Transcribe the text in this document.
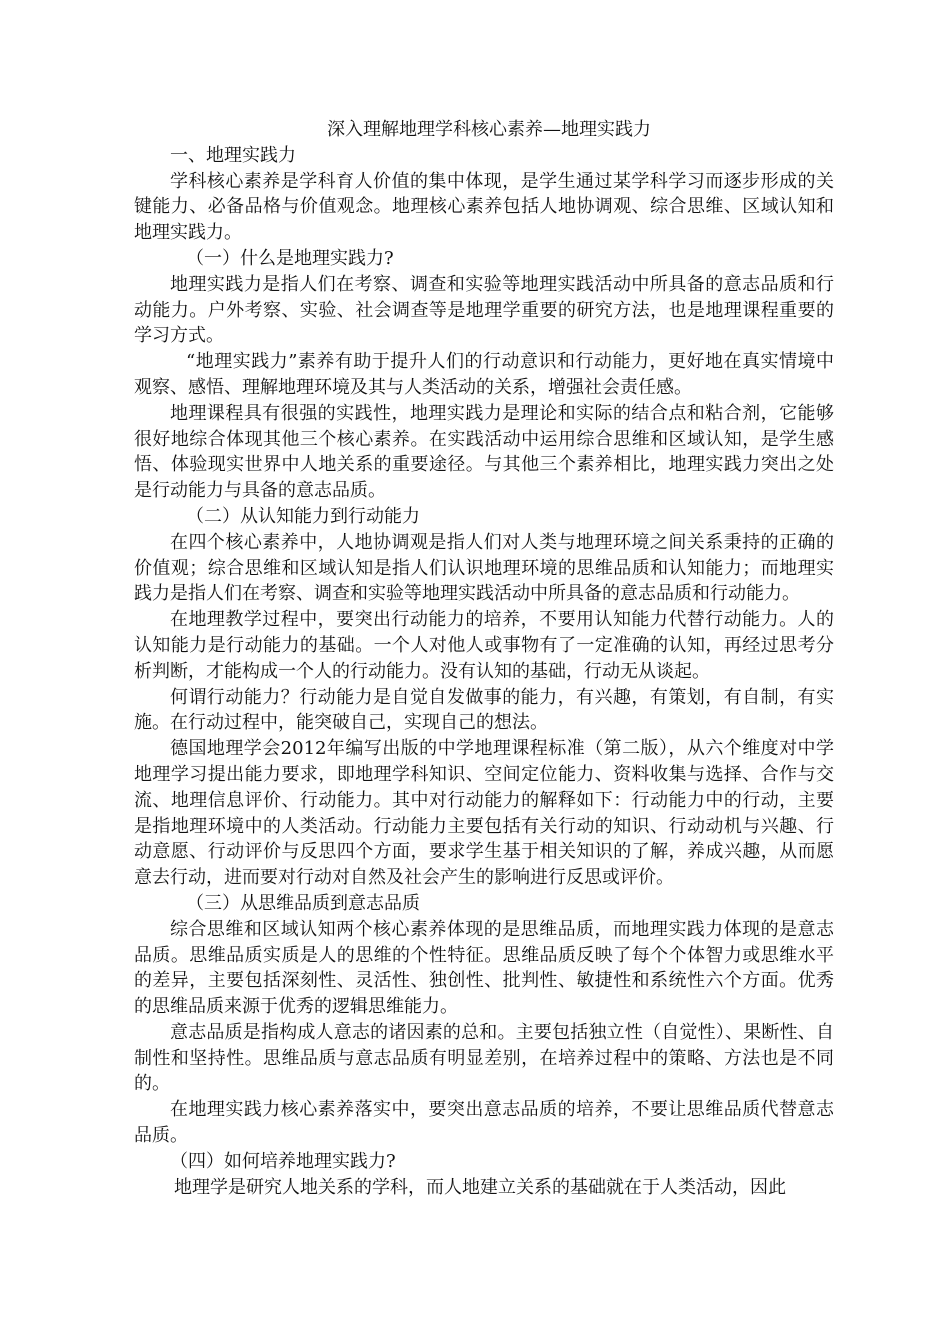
深入理解地理学科核心素养—地理实践力

一、地理实践力

学科核心素养是学科育人价值的集中体现，是学生通过某学科学习而逐步形成的关键能力、必备品格与价值观念。地理核心素养包括人地协调观、综合思维、区域认知和地理实践力。

（一）什么是地理实践力?

地理实践力是指人们在考察、调查和实验等地理实践活动中所具备的意志品质和行动能力。户外考察、实验、社会调查等是地理学重要的研究方法，也是地理课程重要的学习方式。

“地理实践力”素养有助于提升人们的行动意识和行动能力，更好地在真实情境中观察、感悟、理解地理环境及其与人类活动的关系，增强社会责任感。

地理课程具有很强的实践性，地理实践力是理论和实际的结合点和粘合剂，它能够很好地综合体现其他三个核心素养。在实践活动中运用综合思维和区域认知，是学生感悟、体验现实世界中人地关系的重要途径。与其他三个素养相比，地理实践力突出之处是行动能力与具备的意志品质。

（二）从认知能力到行动能力

在四个核心素养中，人地协调观是指人们对人类与地理环境之间关系秉持的正确的价值观；综合思维和区域认知是指人们认识地理环境的思维品质和认知能力；而地理实践力是指人们在考察、调查和实验等地理实践活动中所具备的意志品质和行动能力。

在地理教学过程中，要突出行动能力的培养，不要用认知能力代替行动能力。人的认知能力是行动能力的基础。一个人对他人或事物有了一定准确的认知，再经过思考分析判断，才能构成一个人的行动能力。没有认知的基础，行动无从谈起。

何谓行动能力？行动能力是自觉自发做事的能力，有兴趣，有策划，有自制，有实施。在行动过程中，能突破自己，实现自己的想法。

德国地理学会2012年编写出版的中学地理课程标准（第二版），从六个维度对中学地理学习提出能力要求，即地理学科知识、空间定位能力、资料收集与选择、合作与交流、地理信息评价、行动能力。其中对行动能力的解释如下：行动能力中的行动，主要是指地理环境中的人类活动。行动能力主要包括有关行动的知识、行动动机与兴趣、行动意愿、行动评价与反思四个方面，要求学生基于相关知识的了解，养成兴趣，从而愿意去行动，进而要对行动对自然及社会产生的影响进行反思或评价。

（三）从思维品质到意志品质

综合思维和区域认知两个核心素养体现的是思维品质，而地理实践力体现的是意志品质。思维品质实质是人的思维的个性特征。思维品质反映了每个个体智力或思维水平的差异，主要包括深刻性、灵活性、独创性、批判性、敏捷性和系统性六个方面。优秀的思维品质来源于优秀的逻辑思维能力。

意志品质是指构成人意志的诸因素的总和。主要包括独立性（自觉性）、果断性、自制性和坚持性。思维品质与意志品质有明显差别，在培养过程中的策略、方法也是不同的。

在地理实践力核心素养落实中，要突出意志品质的培养，不要让思维品质代替意志品质。

（四）如何培养地理实践力?

地理学是研究人地关系的学科，而人地建立关系的基础就在于人类活动，因此
